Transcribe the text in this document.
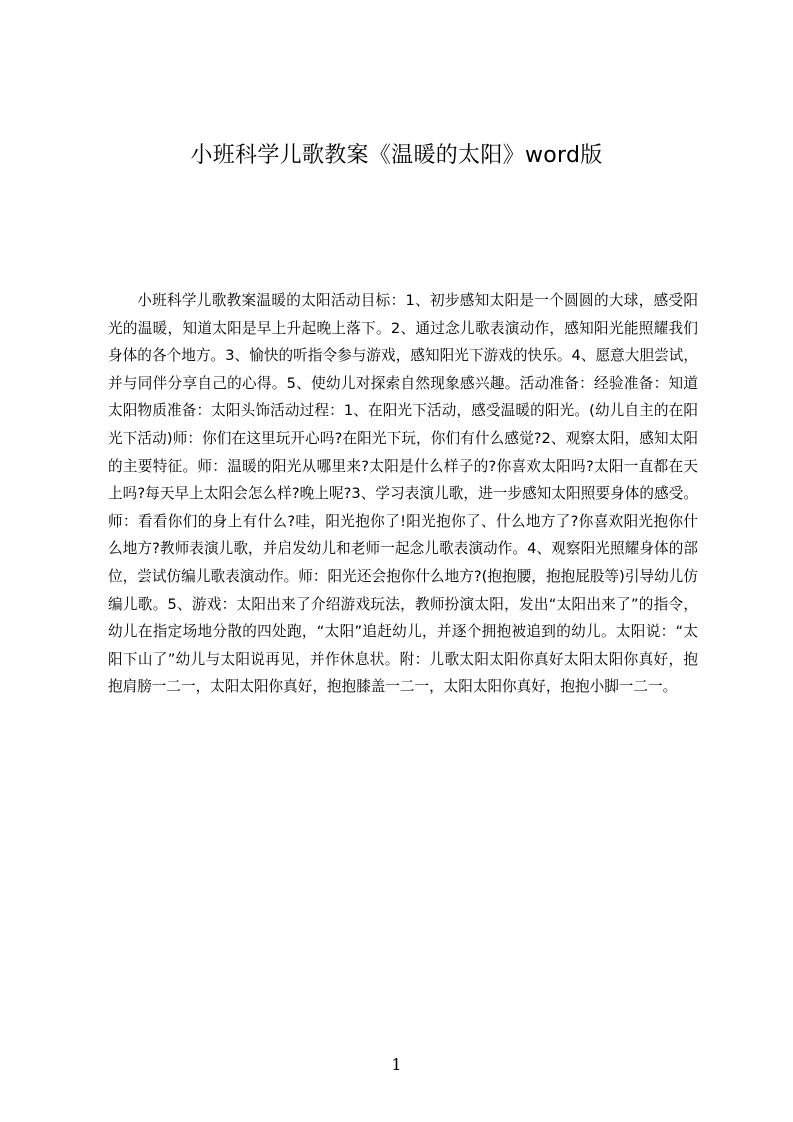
小班科学儿歌教案《温暖的太阳》word版
小班科学儿歌教案温暖的太阳活动目标：1、初步感知太阳是一个圆圆的大球，感受阳光的温暖，知道太阳是早上升起晚上落下。2、通过念儿歌表演动作，感知阳光能照耀我们身体的各个地方。3、愉快的听指令参与游戏，感知阳光下游戏的快乐。4、愿意大胆尝试，并与同伴分享自己的心得。5、使幼儿对探索自然现象感兴趣。活动准备：经验准备：知道太阳物质准备：太阳头饰活动过程：1、在阳光下活动，感受温暖的阳光。(幼儿自主的在阳光下活动)师：你们在这里玩开心吗?在阳光下玩，你们有什么感觉?2、观察太阳，感知太阳的主要特征。师：温暖的阳光从哪里来?太阳是什么样子的?你喜欢太阳吗?太阳一直都在天上吗?每天早上太阳会怎么样?晚上呢?3、学习表演儿歌，进一步感知太阳照要身体的感受。师：看看你们的身上有什么?哇，阳光抱你了!阳光抱你了、什么地方了?你喜欢阳光抱你什么地方?教师表演儿歌，并启发幼儿和老师一起念儿歌表演动作。4、观察阳光照耀身体的部位，尝试仿编儿歌表演动作。师：阳光还会抱你什么地方?(抱抱腰，抱抱屁股等)引导幼儿仿编儿歌。5、游戏：太阳出来了介绍游戏玩法，教师扮演太阳，发出“太阳出来了”的指令，幼儿在指定场地分散的四处跑，“太阳”追赶幼儿，并逐个拥抱被追到的幼儿。太阳说：“太阳下山了”幼儿与太阳说再见，并作休息状。附：儿歌太阳太阳你真好太阳太阳你真好，抱抱肩膀一二一，太阳太阳你真好，抱抱膝盖一二一，太阳太阳你真好，抱抱小脚一二一。
1
